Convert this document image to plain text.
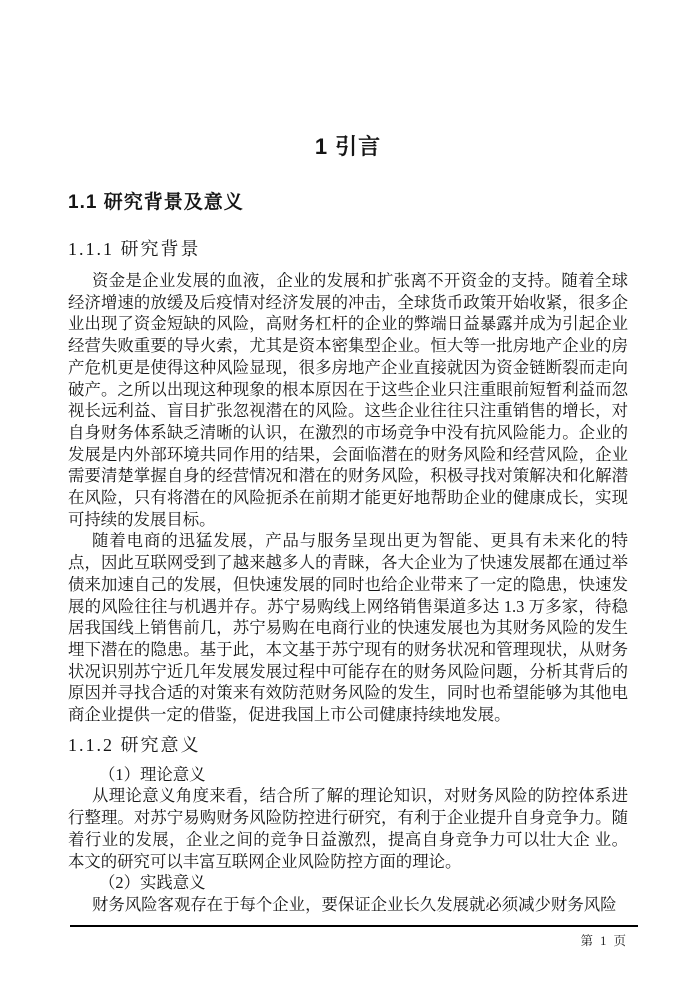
1 引言
1.1 研究背景及意义
1.1.1 研究背景

资金是企业发展的血液，企业的发展和扩张离不开资金的支持。随着全球经济增速的放缓及后疫情对经济发展的冲击，全球货币政策开始收紧，很多企业出现了资金短缺的风险，高财务杠杆的企业的弊端日益暴露并成为引起企业经营失败重要的导火索，尤其是资本密集型企业。恒大等一批房地产企业的房产危机更是使得这种风险显现，很多房地产企业直接就因为资金链断裂而走向破产。之所以出现这种现象的根本原因在于这些企业只注重眼前短暂利益而忽视长远利益、盲目扩张忽视潜在的风险。这些企业往往只注重销售的增长，对自身财务体系缺乏清晰的认识，在激烈的市场竞争中没有抗风险能力。企业的发展是内外部环境共同作用的结果，会面临潜在的财务风险和经营风险，企业需要清楚掌握自身的经营情况和潜在的财务风险，积极寻找对策解决和化解潜在风险，只有将潜在的风险扼杀在前期才能更好地帮助企业的健康成长，实现可持续的发展目标。

随着电商的迅猛发展，产品与服务呈现出更为智能、更具有未来化的特点，因此互联网受到了越来越多人的青睐，各大企业为了快速发展都在通过举债来加速自己的发展，但快速发展的同时也给企业带来了一定的隐患，快速发展的风险往往与机遇并存。苏宁易购线上网络销售渠道多达 1.3 万多家，待稳居我国线上销售前几，苏宁易购在电商行业的快速发展也为其财务风险的发生埋下潜在的隐患。基于此，本文基于苏宁现有的财务状况和管理现状，从财务状况识别苏宁近几年发展发展过程中可能存在的财务风险问题，分析其背后的原因并寻找合适的对策来有效防范财务风险的发生，同时也希望能够为其他电商企业提供一定的借鉴，促进我国上市公司健康持续地发展。

1.1.2 研究意义

（1）理论意义

从理论意义角度来看，结合所了解的理论知识，对财务风险的防控体系进行整理。对苏宁易购财务风险防控进行研究，有利于企业提升自身竞争力。随着行业的发展，企业之间的竞争日益激烈，提高自身竞争力可以壮大企 业。本文的研究可以丰富互联网企业风险防控方面的理论。

（2）实践意义

财务风险客观存在于每个企业，要保证企业长久发展就必须减少财务风险

第 1 页
